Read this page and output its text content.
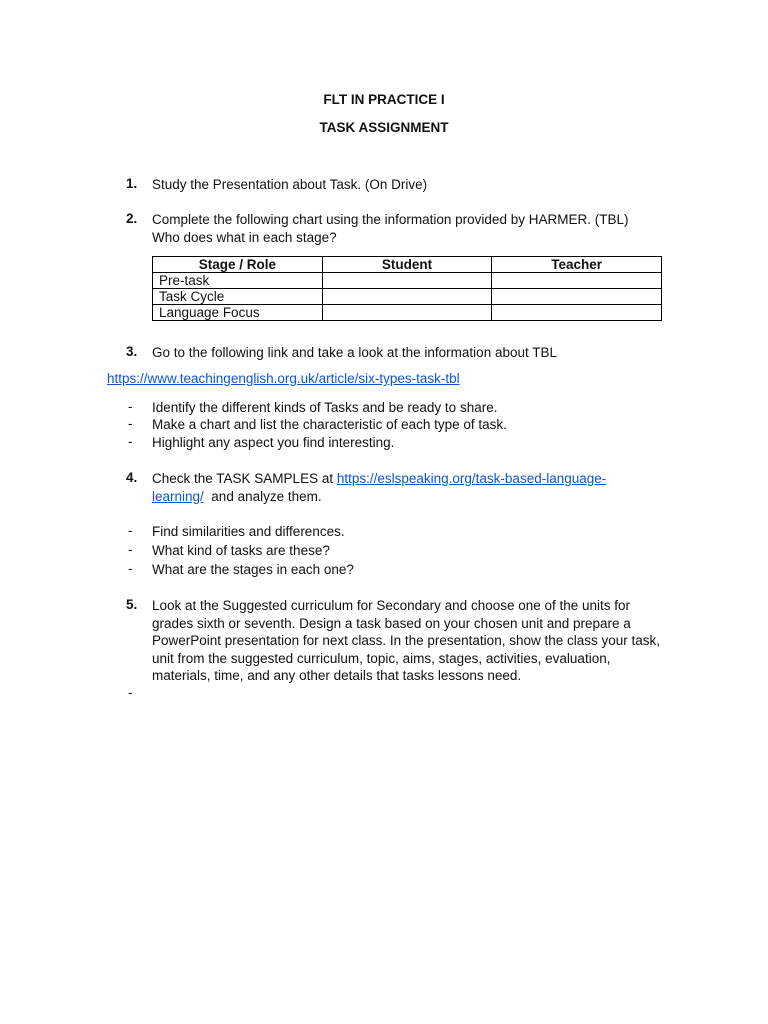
FLT IN PRACTICE I
TASK ASSIGNMENT
1. Study the Presentation about Task. (On Drive)
2. Complete the following chart using the information provided by HARMER. (TBL)
Who does what in each stage?
Stage / Role	Student	Teacher
Pre-task		
Task Cycle		
Language Focus		
3. Go to the following link and take a look at the information about TBL
https://www.teachingenglish.org.uk/article/six-types-task-tbl
- Identify the different kinds of Tasks and be ready to share.
- Make a chart and list the characteristic of each type of task.
- Highlight any aspect you find interesting.
4. Check the TASK SAMPLES at https://eslspeaking.org/task-based-language-
learning/  and analyze them.
- Find similarities and differences.
- What kind of tasks are these?
- What are the stages in each one?
5. Look at the Suggested curriculum for Secondary and choose one of the units for grades sixth or seventh. Design a task based on your chosen unit and prepare a PowerPoint presentation for next class. In the presentation, show the class your task, unit from the suggested curriculum, topic, aims, stages, activities, evaluation, materials, time, and any other details that tasks lessons need.
-
